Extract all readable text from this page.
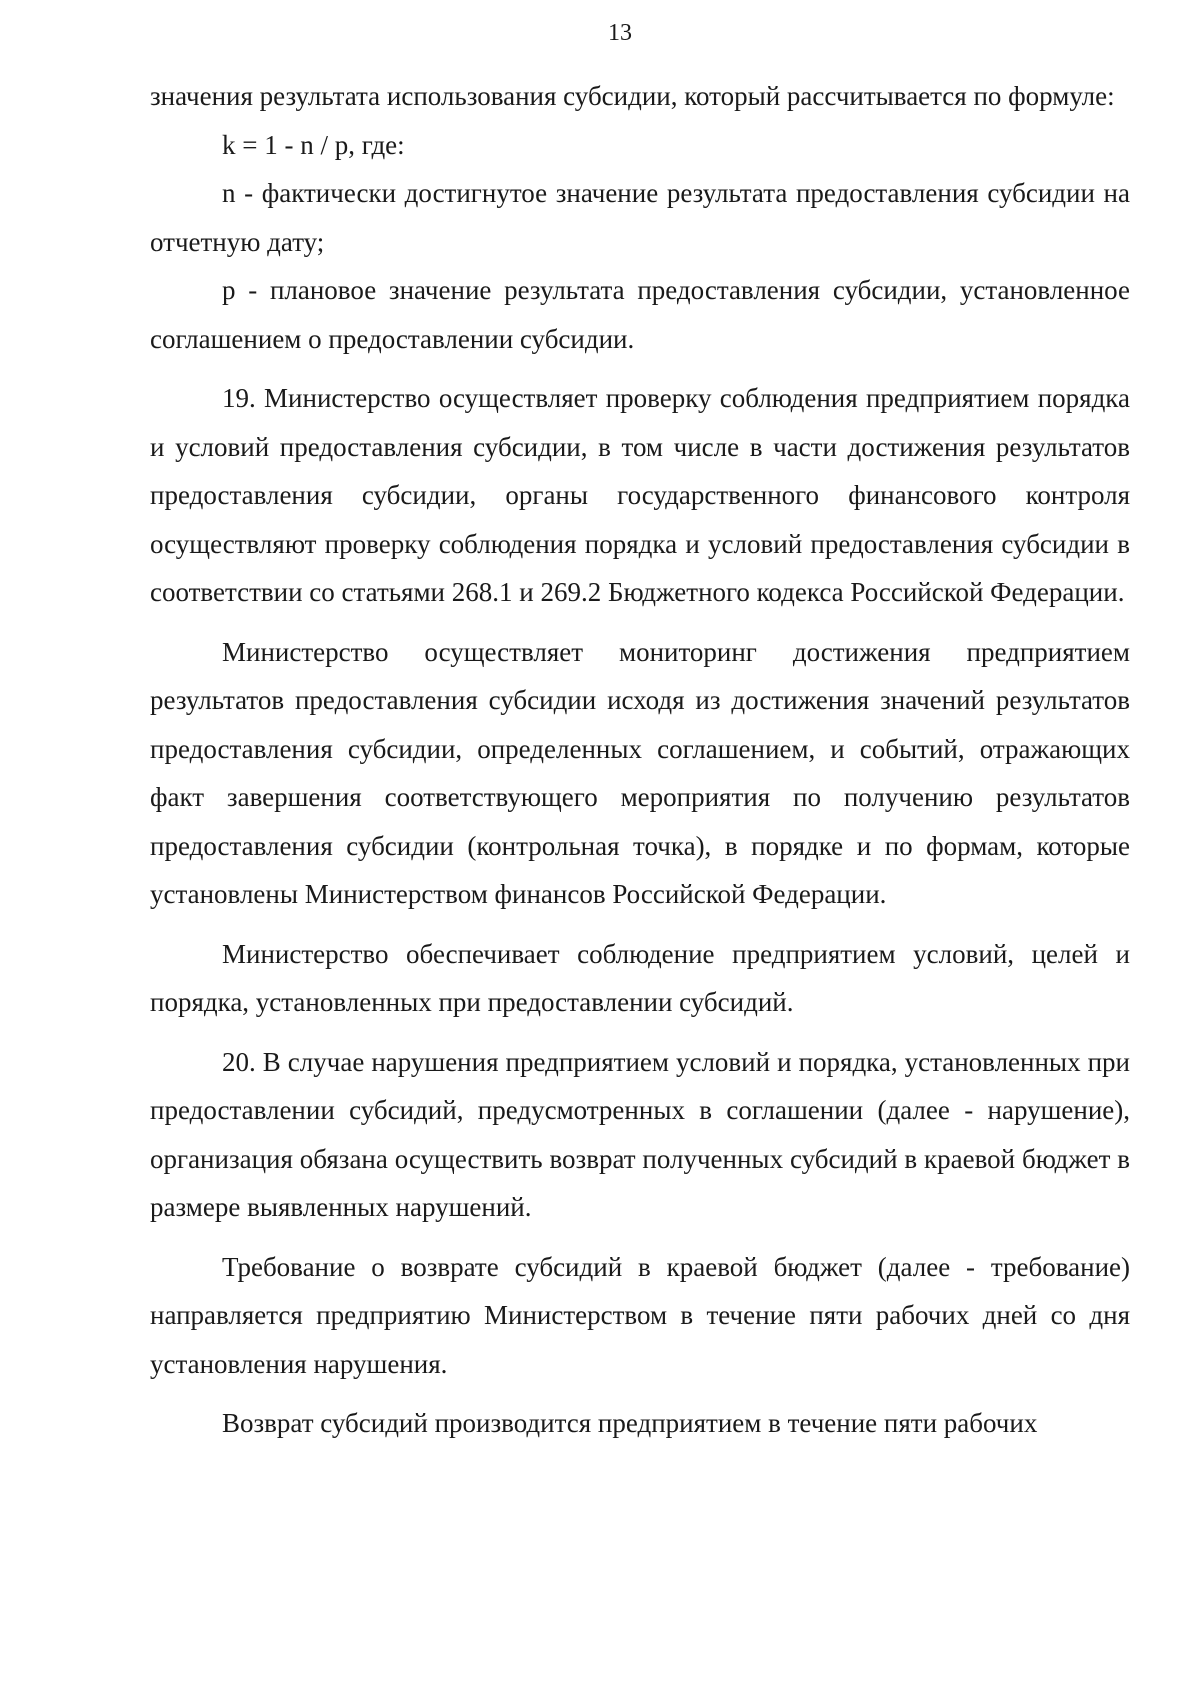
13

значения результата использования субсидии, который рассчитывается по формуле:

k = 1 - n / p, где:

n - фактически достигнутое значение результата предоставления субсидии на отчетную дату;

p - плановое значение результата предоставления субсидии, установленное соглашением о предоставлении субсидии.

19. Министерство осуществляет проверку соблюдения предприятием порядка и условий предоставления субсидии, в том числе в части достижения результатов предоставления субсидии, органы государственного финансового контроля осуществляют проверку соблюдения порядка и условий предоставления субсидии в соответствии со статьями 268.1 и 269.2 Бюджетного кодекса Российской Федерации.

Министерство осуществляет мониторинг достижения предприятием результатов предоставления субсидии исходя из достижения значений результатов предоставления субсидии, определенных соглашением, и событий, отражающих факт завершения соответствующего мероприятия по получению результатов предоставления субсидии (контрольная точка), в порядке и по формам, которые установлены Министерством финансов Российской Федерации.

Министерство обеспечивает соблюдение предприятием условий, целей и порядка, установленных при предоставлении субсидий.

20. В случае нарушения предприятием условий и порядка, установленных при предоставлении субсидий, предусмотренных в соглашении (далее - нарушение), организация обязана осуществить возврат полученных субсидий в краевой бюджет в размере выявленных нарушений.

Требование о возврате субсидий в краевой бюджет (далее - требование) направляется предприятию Министерством в течение пяти рабочих дней со дня установления нарушения.

Возврат субсидий производится предприятием в течение пяти рабочих
